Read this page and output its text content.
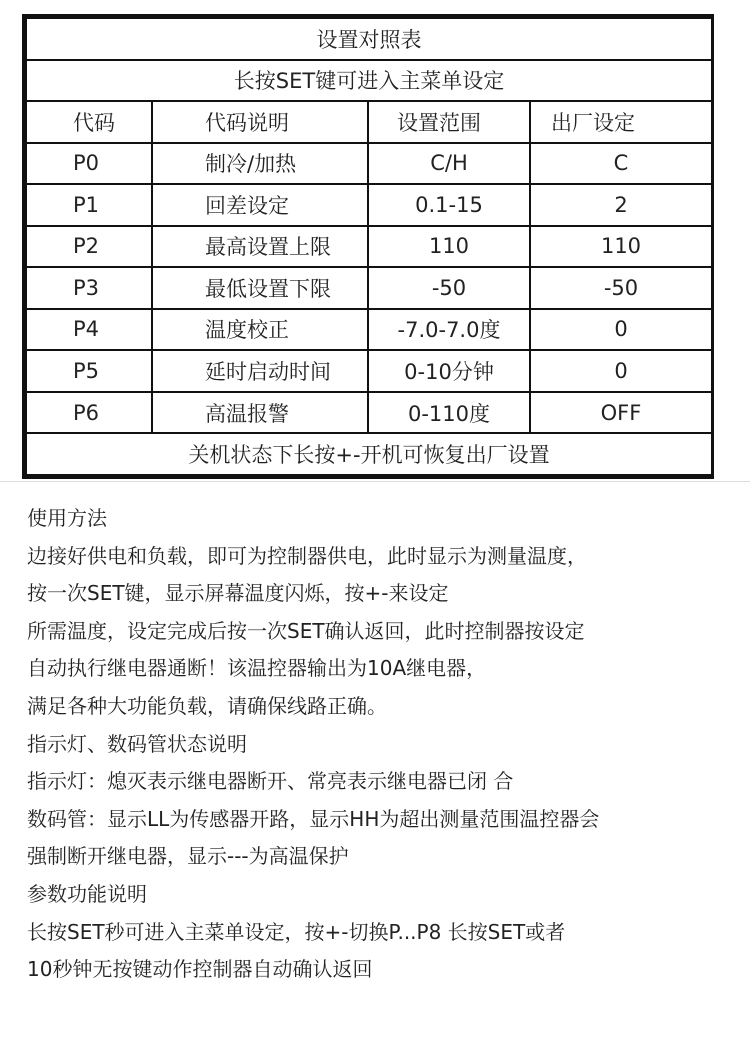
设置对照表			
长按SET键可进入主菜单设定			
代码	代码说明	设置范围	出厂设定
P0	制冷/加热	C/H	C
P1	回差设定	0.1-15	2
P2	最高设置上限	110	110
P3	最低设置下限	-50	-50
P4	温度校正	-7.0-7.0度	0
P5	延时启动时间	0-10分钟	0
P6	高温报警	0-110度	OFF
关机状态下长按+-开机可恢复出厂设置			
使用方法
边接好供电和负载，即可为控制器供电，此时显示为测量温度，
按一次SET键，显示屏幕温度闪烁，按+-来设定
所需温度，设定完成后按一次SET确认返回，此时控制器按设定
自动执行继电器通断！该温控器输出为10A继电器，
满足各种大功能负载，请确保线路正确。
指示灯、数码管状态说明
指示灯：熄灭表示继电器断开、常亮表示继电器已闭 合
数码管：显示LL为传感器开路，显示HH为超出测量范围温控器会
强制断开继电器，显示---为高温保护
参数功能说明
长按SET秒可进入主菜单设定，按+-切换P...P8 长按SET或者
10秒钟无按键动作控制器自动确认返回
